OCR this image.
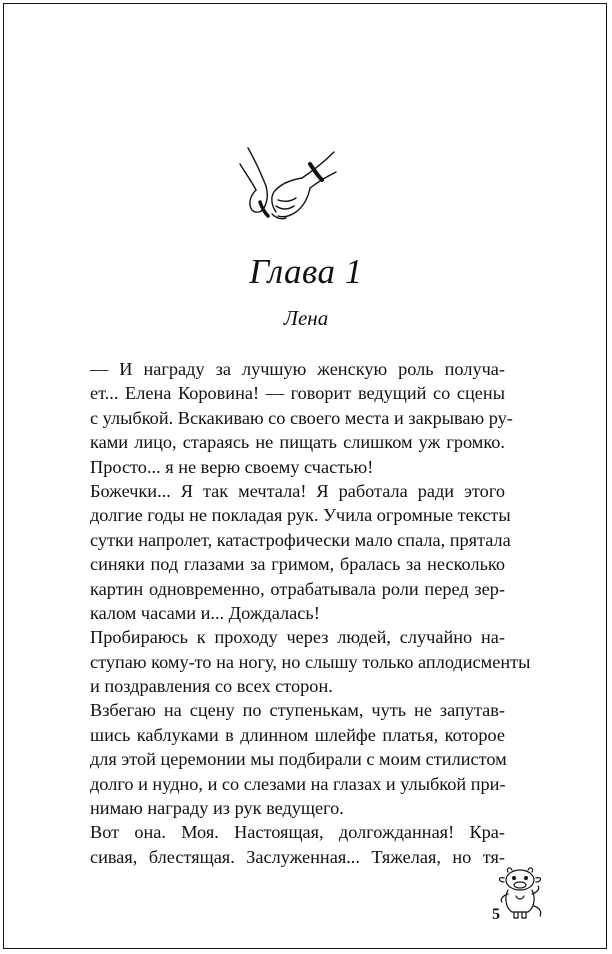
Глава 1
Лена
— И награду за лучшую женскую роль получа-
ет... Елена Коровина! — говорит ведущий со сцены
с улыбкой. Вскакиваю со своего места и закрываю ру-
ками лицо, стараясь не пищать слишком уж громко.
Просто... я не верю своему счастью!
Божечки... Я так мечтала! Я работала ради этого
долгие годы не покладая рук. Учила огромные тексты
сутки напролет, катастрофически мало спала, прятала
синяки под глазами за гримом, бралась за несколько
картин одновременно, отрабатывала роли перед зер-
калом часами и... Дождалась!
Пробираюсь к проходу через людей, случайно на-
ступаю кому-то на ногу, но слышу только аплодисменты
и поздравления со всех сторон.
Взбегаю на сцену по ступенькам, чуть не запутав-
шись каблуками в длинном шлейфе платья, которое
для этой церемонии мы подбирали с моим стилистом
долго и нудно, и со слезами на глазах и улыбкой при-
нимаю награду из рук ведущего.
Вот она. Моя. Настоящая, долгожданная! Кра-
сивая, блестящая. Заслуженная... Тяжелая, но тя-
5
